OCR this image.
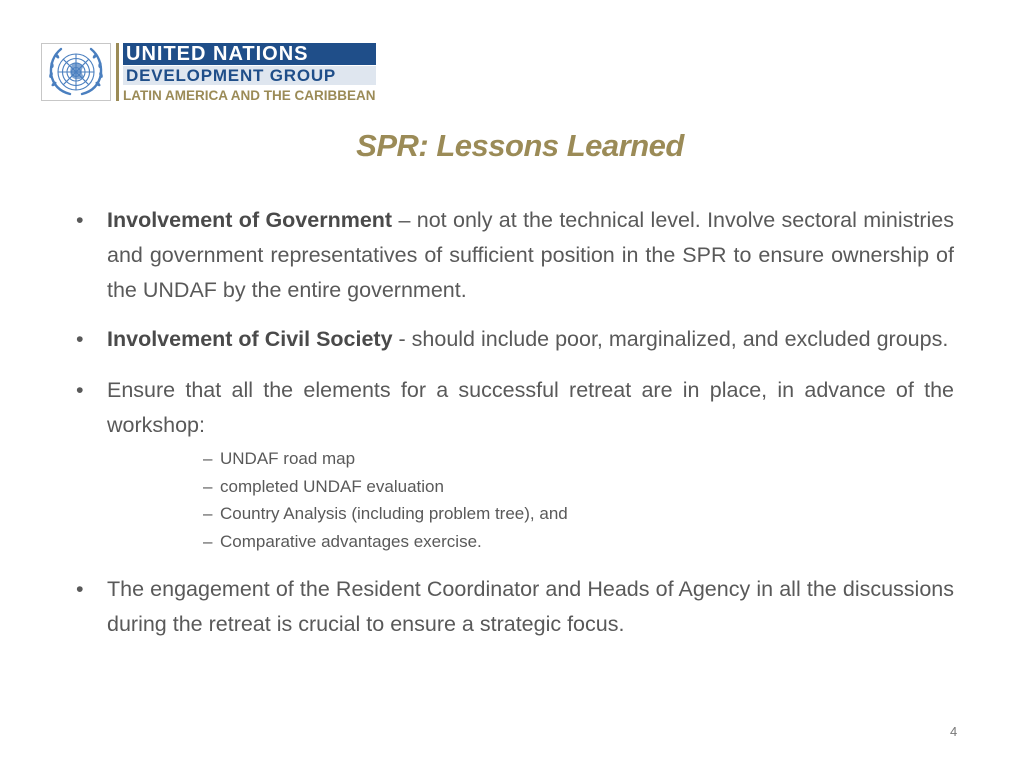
UNITED NATIONS
DEVELOPMENT GROUP
LATIN AMERICA AND THE CARIBBEAN
SPR: Lessons Learned
• Involvement of Government – not only at the technical level. Involve sectoral ministries and government representatives of sufficient position in the SPR to ensure ownership of the UNDAF by the entire government.
• Involvement of Civil Society - should include poor, marginalized, and excluded groups.
• Ensure that all the elements for a successful retreat are in place, in advance of the workshop:
– UNDAF road map
– completed UNDAF evaluation
– Country Analysis (including problem tree), and
– Comparative advantages exercise.
• The engagement of the Resident Coordinator and Heads of Agency in all the discussions during the retreat is crucial to ensure a strategic focus.
4
